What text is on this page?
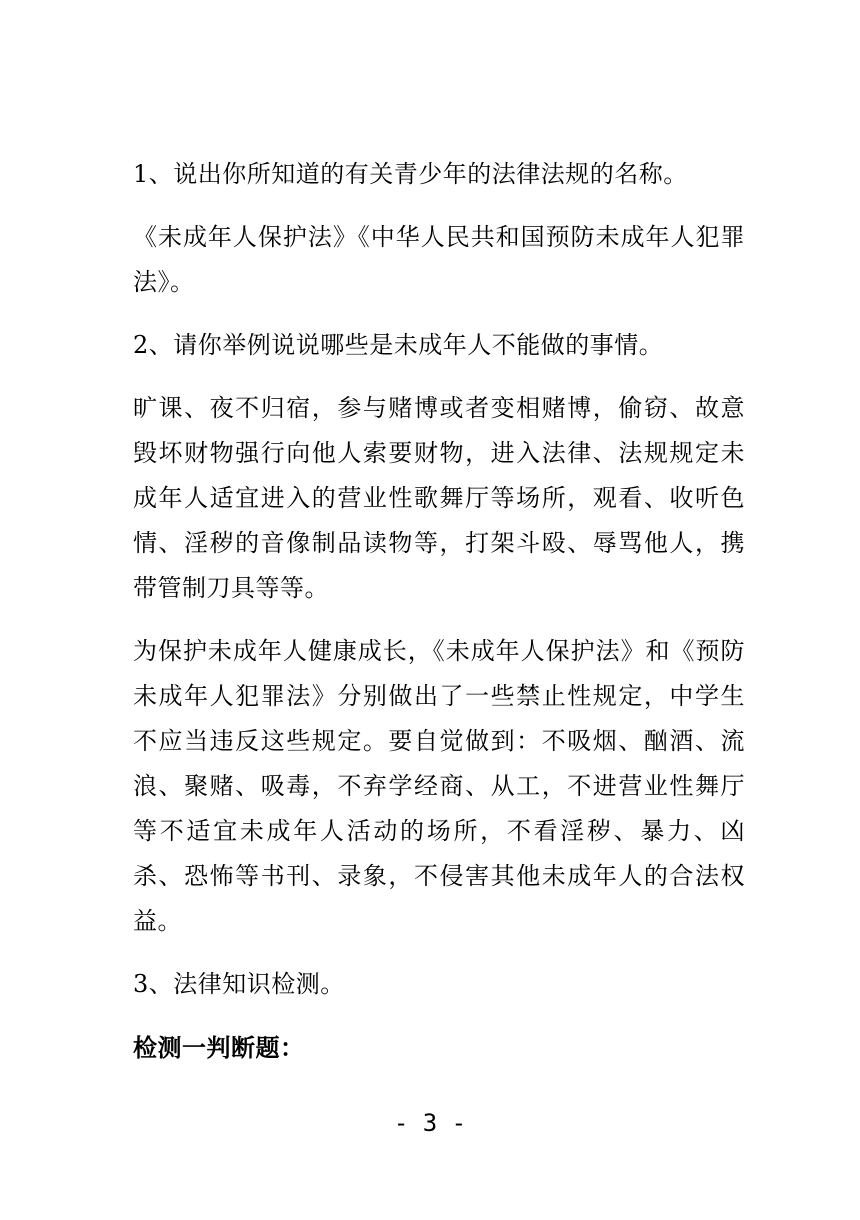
1、说出你所知道的有关青少年的法律法规的名称。

《未成年人保护法》《中华人民共和国预防未成年人犯罪法》。

2、请你举例说说哪些是未成年人不能做的事情。

旷课、夜不归宿，参与赌博或者变相赌博，偷窃、故意毁坏财物强行向他人索要财物，进入法律、法规规定未成年人适宜进入的营业性歌舞厅等场所，观看、收听色情、淫秽的音像制品读物等，打架斗殴、辱骂他人，携带管制刀具等等。

为保护未成年人健康成长，《未成年人保护法》和《预防未成年人犯罪法》分别做出了一些禁止性规定，中学生不应当违反这些规定。要自觉做到：不吸烟、酗酒、流浪、聚赌、吸毒，不弃学经商、从工，不进营业性舞厅等不适宜未成年人活动的场所，不看淫秽、暴力、凶杀、恐怖等书刊、录象，不侵害其他未成年人的合法权益。

3、法律知识检测。

检测一判断题：

- 3 -
